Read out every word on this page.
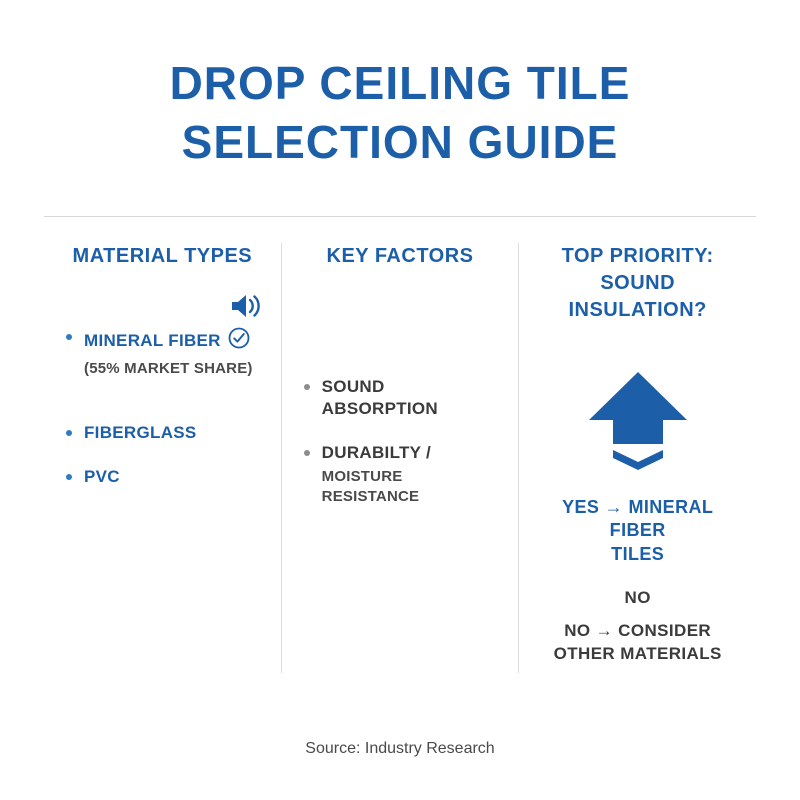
DROP CEILING TILE
SELECTION GUIDE
MATERIAL TYPES
MINERAL FIBER
(55% MARKET SHARE)
FIBERGLASS
PVC
KEY FACTORS
SOUND ABSORPTION
DURABILTY /
MOISTURE RESISTANCE
TOP PRIORITY:
SOUND INSULATION?
YES → MINERAL FIBER
TILES
NO
NO → CONSIDER
OTHER MATERIALS
Source: Industry Research
